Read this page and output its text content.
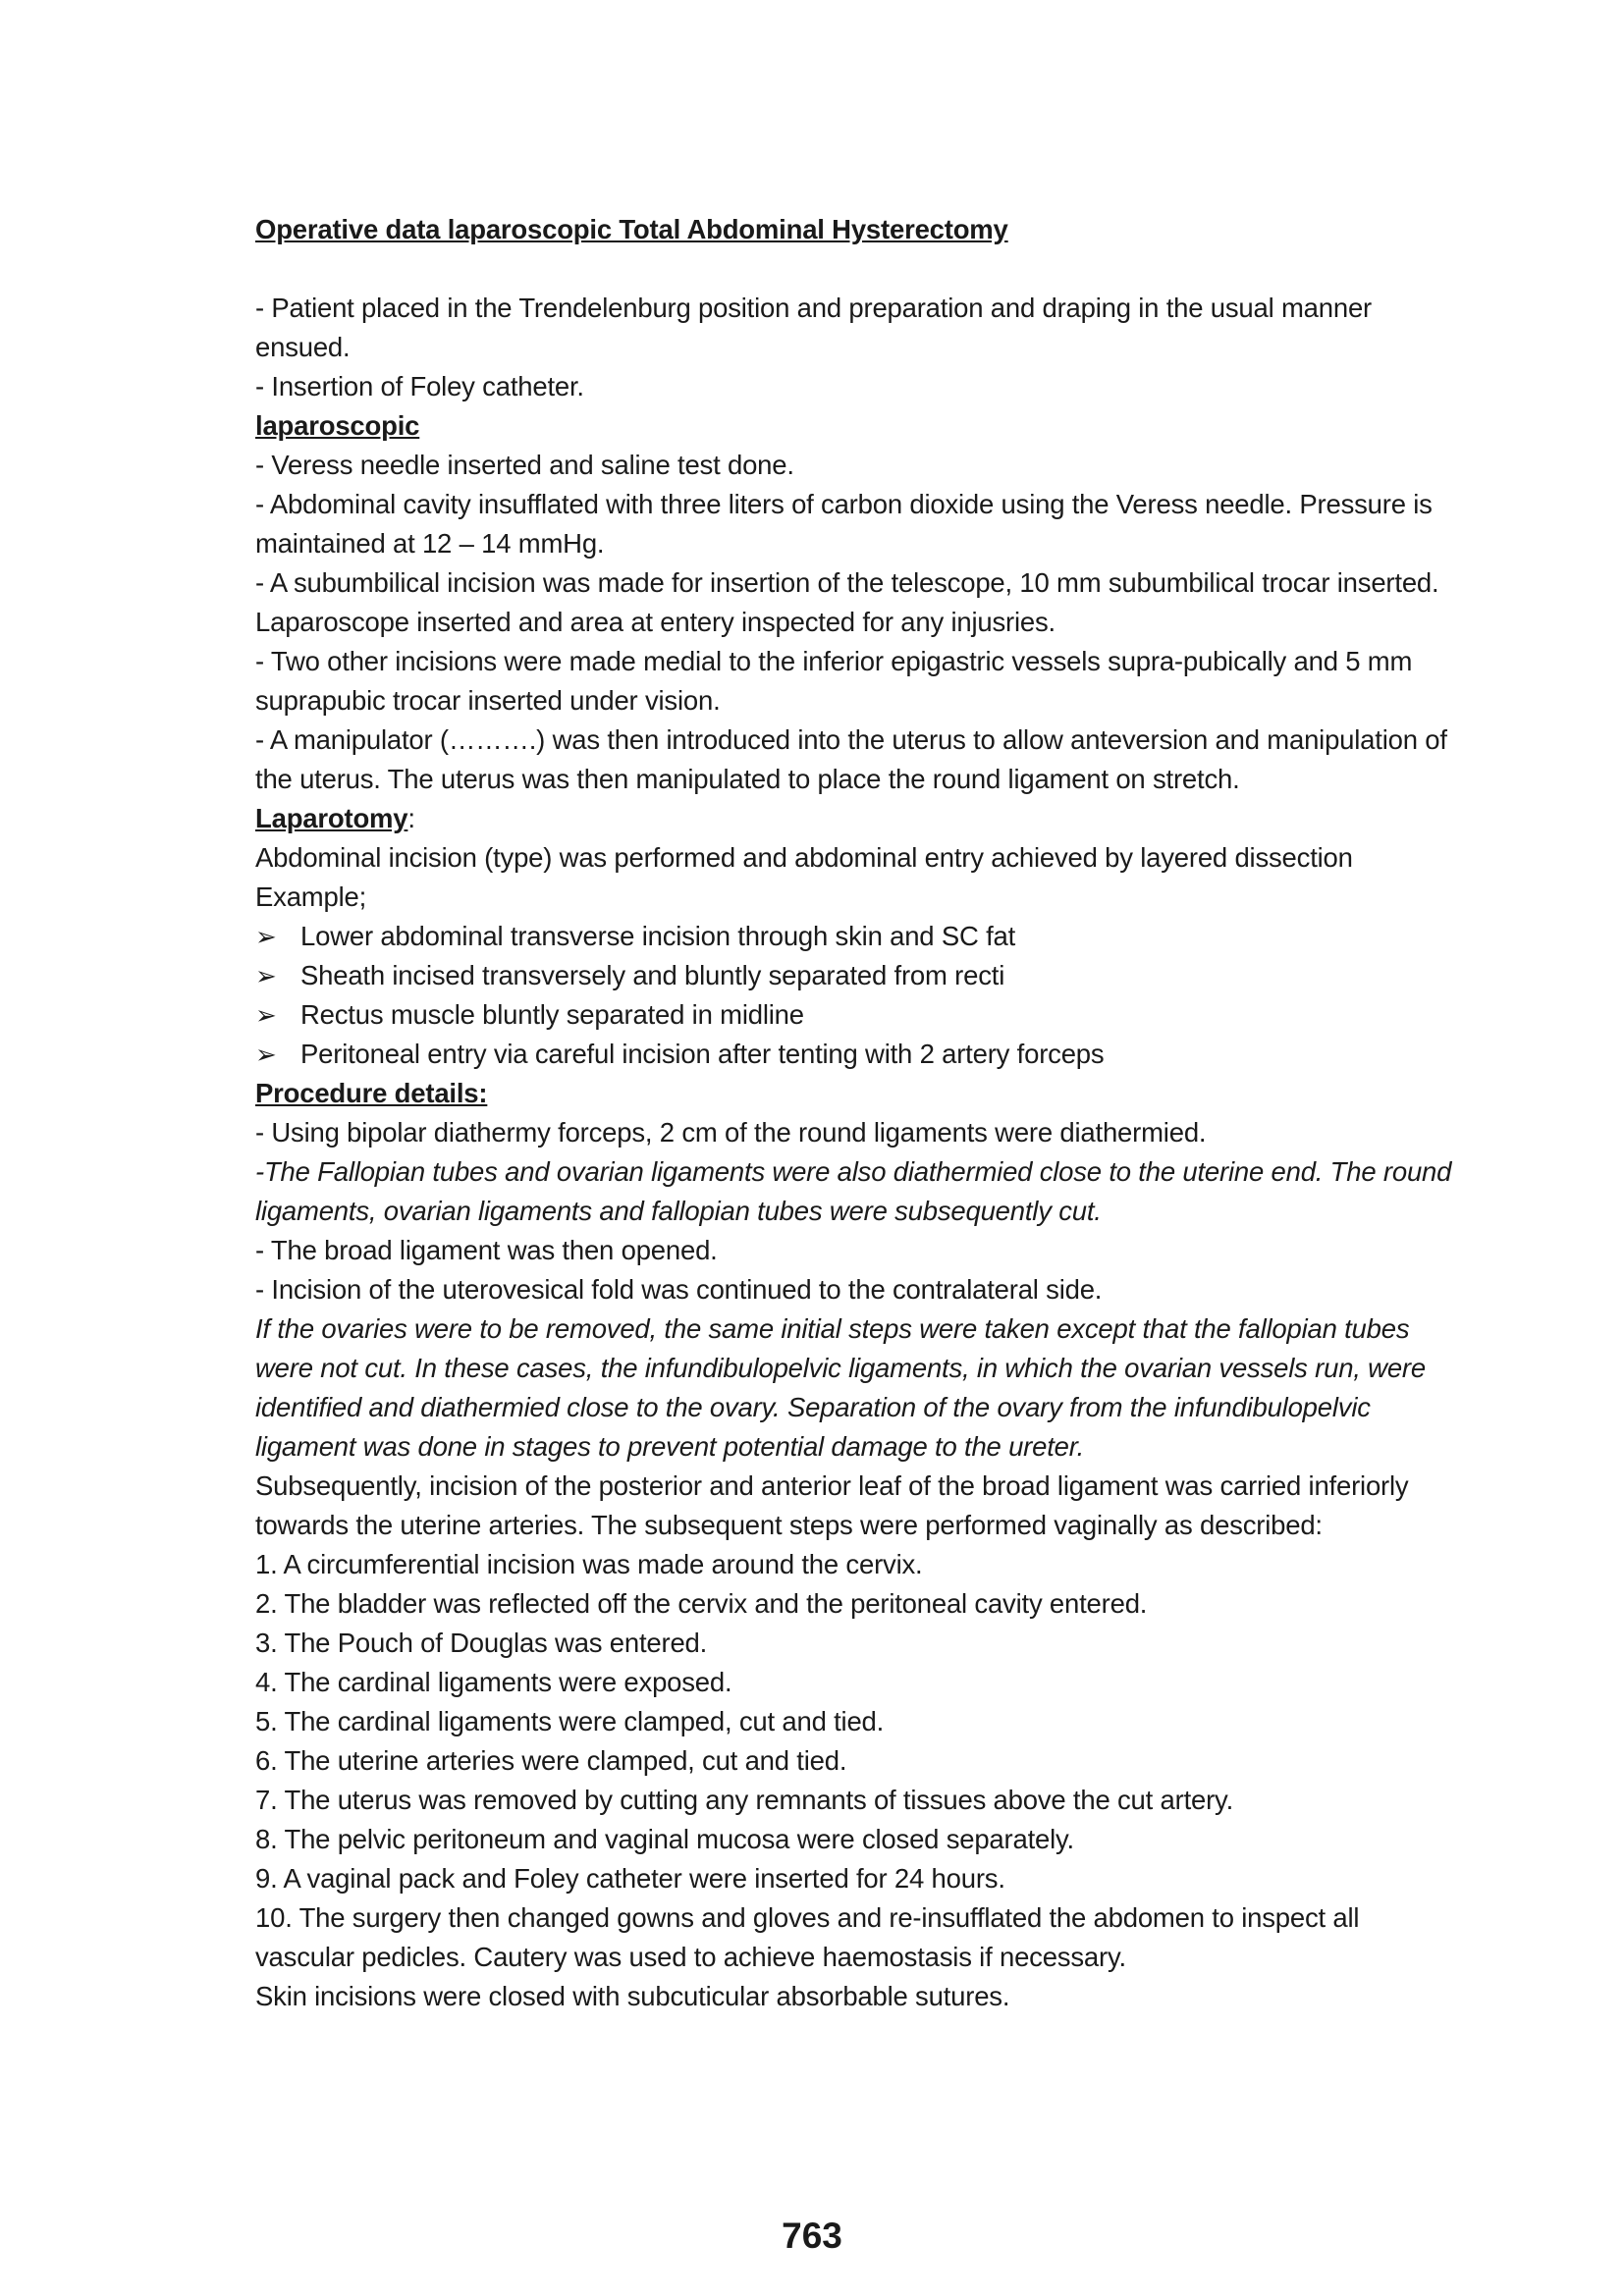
Operative data laparoscopic Total Abdominal Hysterectomy

- Patient placed in the Trendelenburg position and preparation and draping in the usual manner ensued.

- Insertion of Foley catheter.

laparoscopic

- Veress needle inserted and saline test done.

- Abdominal cavity insufflated with three liters of carbon dioxide using the Veress needle. Pressure is maintained at 12 – 14 mmHg.

- A subumbilical incision was made for insertion of the telescope, 10 mm subumbilical trocar inserted. Laparoscope inserted and area at entery inspected for any injusries.

- Two other incisions were made medial to the inferior epigastric vessels supra-pubically and 5 mm suprapubic trocar inserted under vision.

- A manipulator (……….) was then introduced into the uterus to allow anteversion and manipulation of the uterus. The uterus was then manipulated to place the round ligament on stretch.

Laparotomy:

Abdominal incision (type) was performed and abdominal entry achieved by layered dissection

Example;

➢ Lower abdominal transverse incision through skin and SC fat
➢ Sheath incised transversely and bluntly separated from recti
➢ Rectus muscle bluntly separated in midline
➢ Peritoneal entry via careful incision after tenting with 2 artery forceps

Procedure details:

- Using bipolar diathermy forceps, 2 cm of the round ligaments were diathermied.

-The Fallopian tubes and ovarian ligaments were also diathermied close to the uterine end. The round ligaments, ovarian ligaments and fallopian tubes were subsequently cut.

- The broad ligament was then opened.

- Incision of the uterovesical fold was continued to the contralateral side.

If the ovaries were to be removed, the same initial steps were taken except that the fallopian tubes were not cut. In these cases, the infundibulopelvic ligaments, in which the ovarian vessels run, were identified and diathermied close to the ovary. Separation of the ovary from the infundibulopelvic ligament was done in stages to prevent potential damage to the ureter.

Subsequently, incision of the posterior and anterior leaf of the broad ligament was carried inferiorly towards the uterine arteries. The subsequent steps were performed vaginally as described:

1. A circumferential incision was made around the cervix.

2. The bladder was reflected off the cervix and the peritoneal cavity entered.

3. The Pouch of Douglas was entered.

4. The cardinal ligaments were exposed.

5. The cardinal ligaments were clamped, cut and tied.

6. The uterine arteries were clamped, cut and tied.

7. The uterus was removed by cutting any remnants of tissues above the cut artery.

8. The pelvic peritoneum and vaginal mucosa were closed separately.

9. A vaginal pack and Foley catheter were inserted for 24 hours.

10. The surgery then changed gowns and gloves and re-insufflated the abdomen to inspect all vascular pedicles. Cautery was used to achieve haemostasis if necessary.

Skin incisions were closed with subcuticular absorbable sutures.

763
